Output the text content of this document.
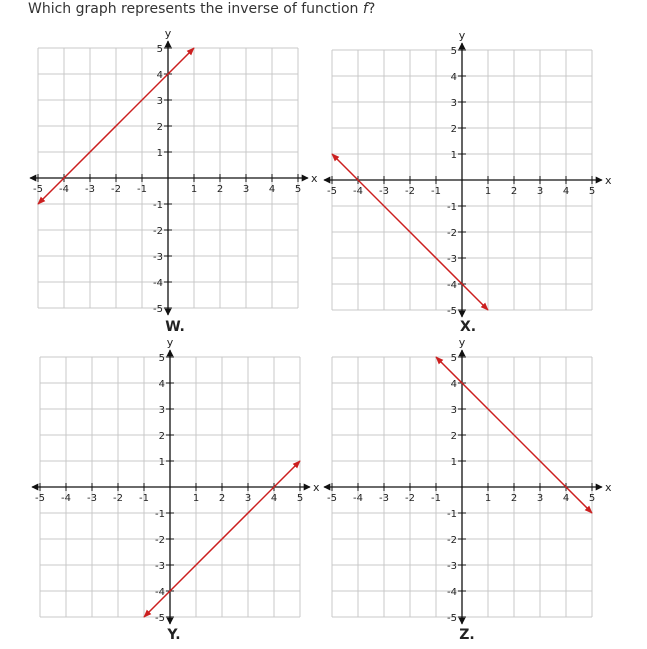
Which graph represents the inverse of function f?
-5 -4 -3 -2 -1	1 2 3 4 5
5
4
3
2
1
-1
-2
-3
-4
-5
x
y
W.
-5 -4 -3 -2 -1	1 2 3 4 5
5
4
3
2
1
-1
-2
-3
-4
-5
x
y
X.
-5 -4 -3 -2 -1	1 2 3 4 5
5
4
3
2
1
-1
-2
-3
-4
-5
x
y
Y.
-5 -4 -3 -2 -1	1 2 3 4 5
5
4
3
2
1
-1
-2
-3
-4
-5
x
y
Z.
